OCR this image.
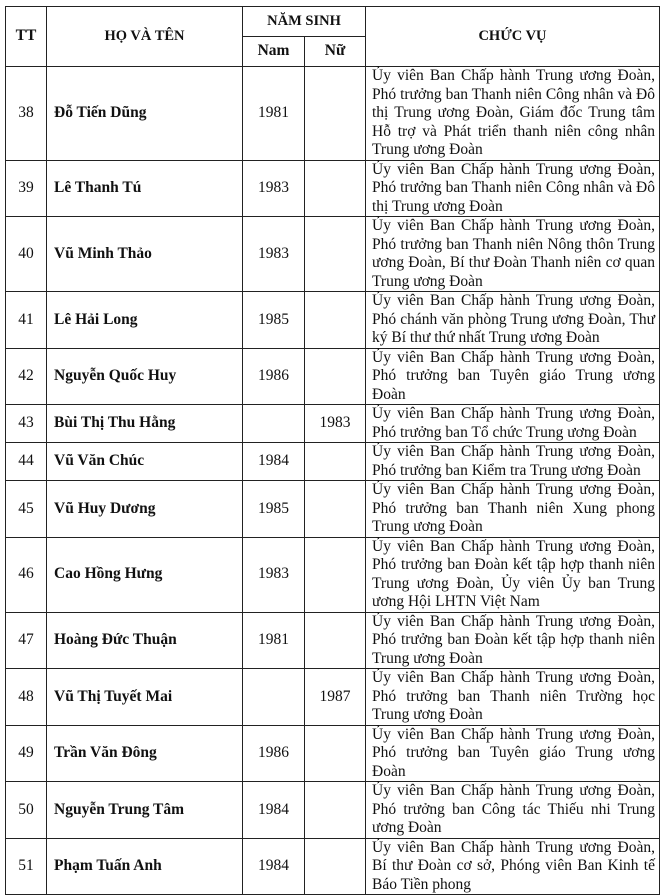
TT	HỌ VÀ TÊN	NĂM SINH		CHỨC VỤ
		Nam	Nữ	
38	Đỗ Tiến Dũng	1981		Ủy viên Ban Chấp hành Trung ương Đoàn, Phó trưởng ban Thanh niên Công nhân và Đô thị Trung ương Đoàn, Giám đốc Trung tâm Hỗ trợ và Phát triển thanh niên công nhân Trung ương Đoàn
39	Lê Thanh Tú	1983		Ủy viên Ban Chấp hành Trung ương Đoàn, Phó trưởng ban Thanh niên Công nhân và Đô thị Trung ương Đoàn
40	Vũ Minh Thảo	1983		Ủy viên Ban Chấp hành Trung ương Đoàn, Phó trưởng ban Thanh niên Nông thôn Trung ương Đoàn, Bí thư Đoàn Thanh niên cơ quan Trung ương Đoàn
41	Lê Hải Long	1985		Ủy viên Ban Chấp hành Trung ương Đoàn, Phó chánh văn phòng Trung ương Đoàn, Thư ký Bí thư thứ nhất Trung ương Đoàn
42	Nguyễn Quốc Huy	1986		Ủy viên Ban Chấp hành Trung ương Đoàn, Phó trưởng ban Tuyên giáo Trung ương Đoàn
43	Bùi Thị Thu Hằng		1983	Ủy viên Ban Chấp hành Trung ương Đoàn, Phó trưởng ban Tổ chức Trung ương Đoàn
44	Vũ Văn Chúc	1984		Ủy viên Ban Chấp hành Trung ương Đoàn, Phó trưởng ban Kiểm tra Trung ương Đoàn
45	Vũ Huy Dương	1985		Ủy viên Ban Chấp hành Trung ương Đoàn, Phó trưởng ban Thanh niên Xung phong Trung ương Đoàn
46	Cao Hồng Hưng	1983		Ủy viên Ban Chấp hành Trung ương Đoàn, Phó trưởng ban Đoàn kết tập hợp thanh niên Trung ương Đoàn, Ủy viên Ủy ban Trung ương Hội LHTN Việt Nam
47	Hoàng Đức Thuận	1981		Ủy viên Ban Chấp hành Trung ương Đoàn, Phó trưởng ban Đoàn kết tập hợp thanh niên Trung ương Đoàn
48	Vũ Thị Tuyết Mai		1987	Ủy viên Ban Chấp hành Trung ương Đoàn, Phó trưởng ban Thanh niên Trường học Trung ương Đoàn
49	Trần Văn Đông	1986		Ủy viên Ban Chấp hành Trung ương Đoàn, Phó trưởng ban Tuyên giáo Trung ương Đoàn
50	Nguyễn Trung Tâm	1984		Ủy viên Ban Chấp hành Trung ương Đoàn, Phó trưởng ban Công tác Thiếu nhi Trung ương Đoàn
51	Phạm Tuấn Anh	1984		Ủy viên Ban Chấp hành Trung ương Đoàn, Bí thư Đoàn cơ sở, Phóng viên Ban Kinh tế Báo Tiền phong
